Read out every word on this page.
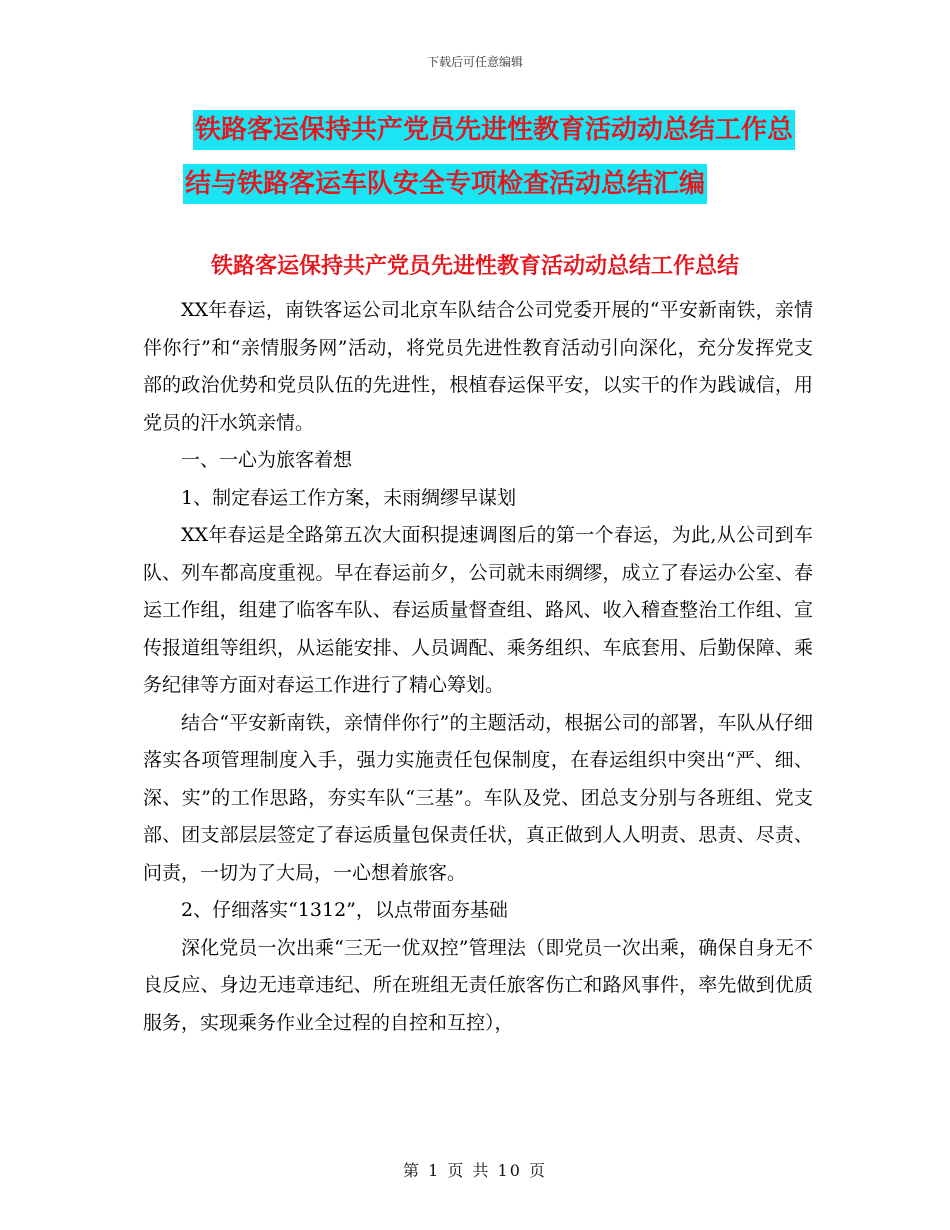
下载后可任意编辑
铁路客运保持共产党员先进性教育活动动总结工作总
结与铁路客运车队安全专项检查活动总结汇编
铁路客运保持共产党员先进性教育活动动总结工作总结

XX年春运，南铁客运公司北京车队结合公司党委开展的“平安新南铁，亲情伴你行”和“亲情服务网”活动，将党员先进性教育活动引向深化，充分发挥党支部的政治优势和党员队伍的先进性，根植春运保平安，以实干的作为践诚信，用党员的汗水筑亲情。

一、一心为旅客着想

1、制定春运工作方案，未雨绸缪早谋划

XX年春运是全路第五次大面积提速调图后的第一个春运，为此,从公司到车队、列车都高度重视。早在春运前夕，公司就未雨绸缪，成立了春运办公室、春运工作组，组建了临客车队、春运质量督查组、路风、收入稽查整治工作组、宣传报道组等组织，从运能安排、人员调配、乘务组织、车底套用、后勤保障、乘务纪律等方面对春运工作进行了精心筹划。

结合“平安新南铁，亲情伴你行”的主题活动，根据公司的部署，车队从仔细落实各项管理制度入手，强力实施责任包保制度，在春运组织中突出“严、细、深、实”的工作思路，夯实车队“三基”。车队及党、团总支分别与各班组、党支部、团支部层层签定了春运质量包保责任状，真正做到人人明责、思责、尽责、问责，一切为了大局，一心想着旅客。

2、仔细落实“1312”，以点带面夯基础

深化党员一次出乘“三无一优双控”管理法（即党员一次出乘，确保自身无不良反应、身边无违章违纪、所在班组无责任旅客伤亡和路风事件，率先做到优质服务，实现乘务作业全过程的自控和互控），

第 1 页 共 10 页
